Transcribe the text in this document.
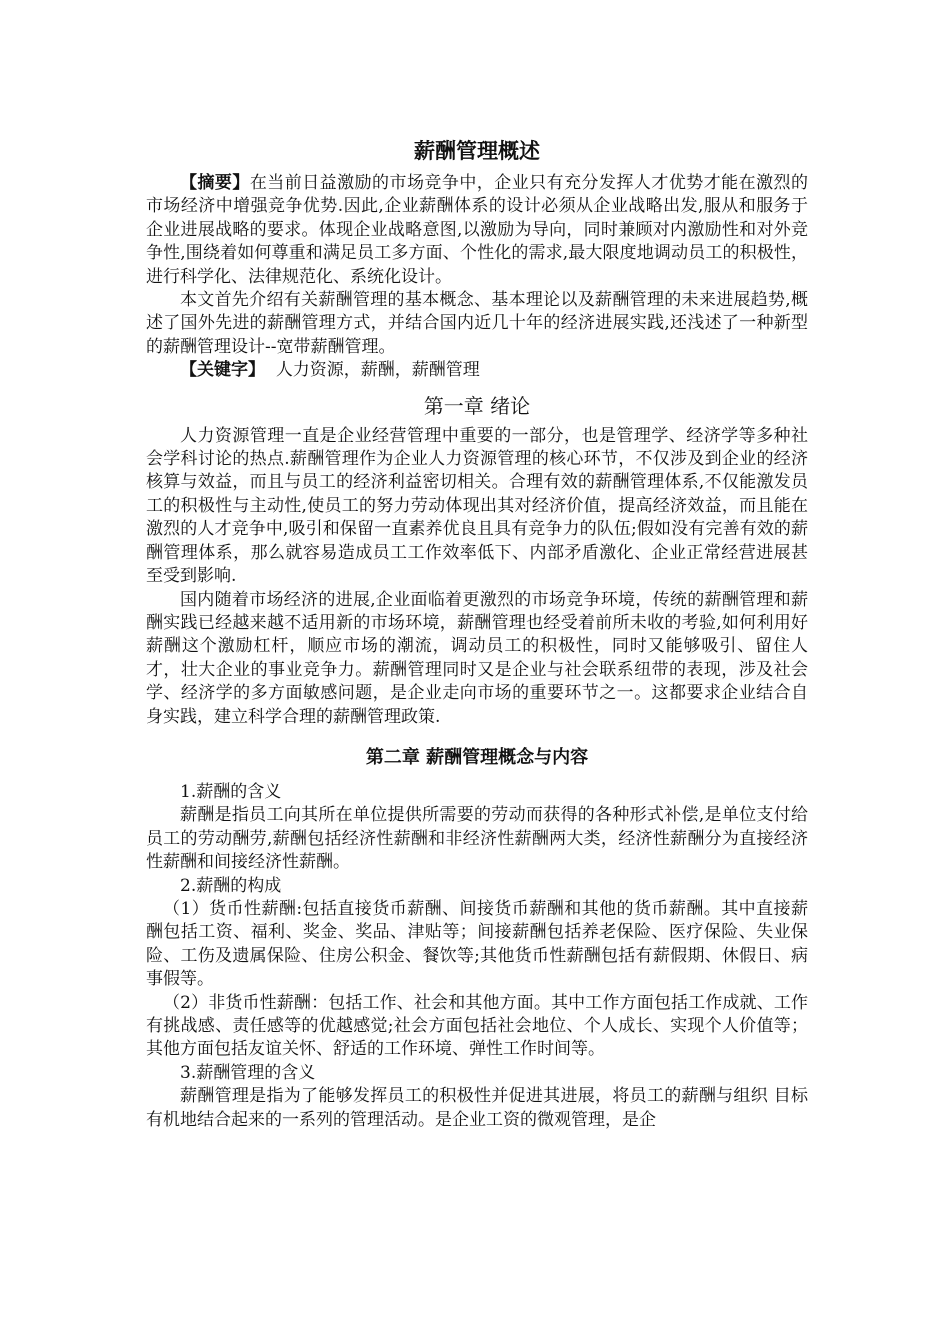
薪酬管理概述

【摘要】在当前日益激励的市场竞争中，企业只有充分发挥人才优势才能在激烈的市场经济中增强竞争优势.因此,企业薪酬体系的设计必须从企业战略出发,服从和服务于企业进展战略的要求。体现企业战略意图,以激励为导向，同时兼顾对内激励性和对外竞争性,围绕着如何尊重和满足员工多方面、个性化的需求,最大限度地调动员工的积极性，进行科学化、法律规范化、系统化设计。

本文首先介绍有关薪酬管理的基本概念、基本理论以及薪酬管理的未来进展趋势,概述了国外先进的薪酬管理方式，并结合国内近几十年的经济进展实践,还浅述了一种新型的薪酬管理设计--宽带薪酬管理。

【关键字】 人力资源，薪酬，薪酬管理

第一章 绪论

人力资源管理一直是企业经营管理中重要的一部分，也是管理学、经济学等多种社会学科讨论的热点.薪酬管理作为企业人力资源管理的核心环节，不仅涉及到企业的经济核算与效益，而且与员工的经济利益密切相关。合理有效的薪酬管理体系,不仅能激发员工的积极性与主动性,使员工的努力劳动体现出其对经济价值，提高经济效益，而且能在激烈的人才竞争中,吸引和保留一直素养优良且具有竞争力的队伍;假如没有完善有效的薪酬管理体系，那么就容易造成员工工作效率低下、内部矛盾激化、企业正常经营进展甚至受到影响.

国内随着市场经济的进展,企业面临着更激烈的市场竞争环境，传统的薪酬管理和薪酬实践已经越来越不适用新的市场环境，薪酬管理也经受着前所未收的考验,如何利用好薪酬这个激励杠杆，顺应市场的潮流，调动员工的积极性，同时又能够吸引、留住人才，壮大企业的事业竞争力。薪酬管理同时又是企业与社会联系纽带的表现，涉及社会学、经济学的多方面敏感问题，是企业走向市场的重要环节之一。这都要求企业结合自身实践，建立科学合理的薪酬管理政策.

第二章 薪酬管理概念与内容

1.薪酬的含义

薪酬是指员工向其所在单位提供所需要的劳动而获得的各种形式补偿,是单位支付给员工的劳动酬劳,薪酬包括经济性薪酬和非经济性薪酬两大类，经济性薪酬分为直接经济性薪酬和间接经济性薪酬。

2.薪酬的构成

（1）货币性薪酬:包括直接货币薪酬、间接货币薪酬和其他的货币薪酬。其中直接薪酬包括工资、福利、奖金、奖品、津贴等；间接薪酬包括养老保险、医疗保险、失业保险、工伤及遗属保险、住房公积金、餐饮等;其他货币性薪酬包括有薪假期、休假日、病事假等。

（2）非货币性薪酬：包括工作、社会和其他方面。其中工作方面包括工作成就、工作有挑战感、责任感等的优越感觉;社会方面包括社会地位、个人成长、实现个人价值等；其他方面包括友谊关怀、舒适的工作环境、弹性工作时间等。

3.薪酬管理的含义

薪酬管理是指为了能够发挥员工的积极性并促进其进展，将员工的薪酬与组织 目标有机地结合起来的一系列的管理活动。是企业工资的微观管理，是企
